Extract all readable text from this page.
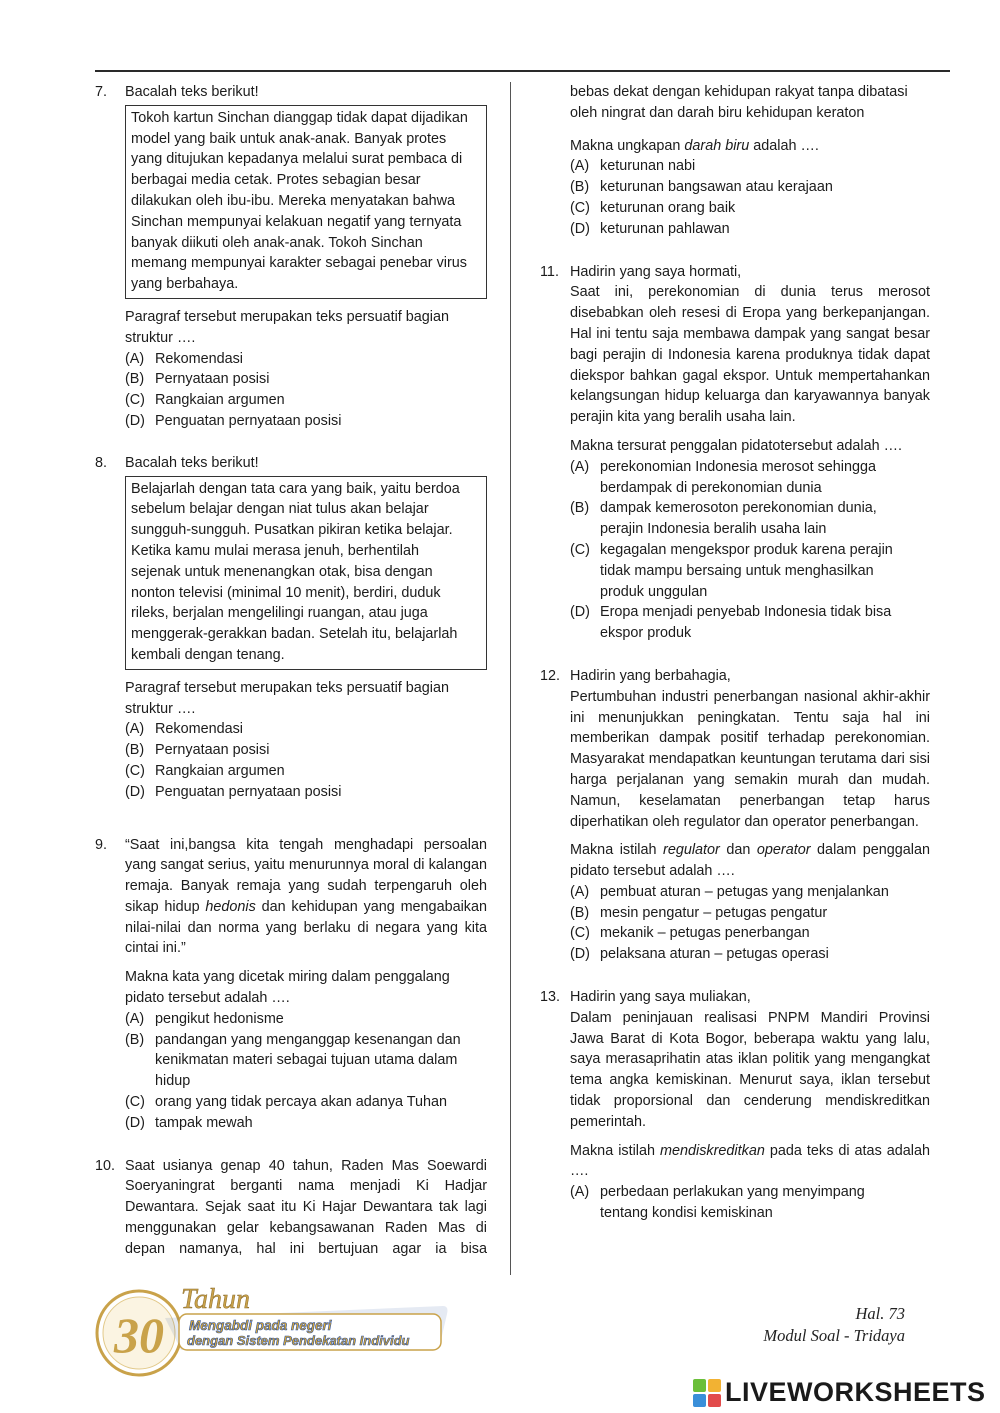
7. Bacalah teks berikut!

Tokoh kartun Sinchan dianggap tidak dapat dijadikan
model yang baik untuk anak-anak. Banyak protes
yang ditujukan kepadanya melalui surat pembaca di
berbagai media cetak. Protes sebagian besar
dilakukan oleh ibu-ibu. Mereka menyatakan bahwa
Sinchan mempunyai kelakuan negatif yang ternyata
banyak diikuti oleh anak-anak. Tokoh Sinchan
memang mempunyai karakter sebagai penebar virus
yang berbahaya.
Paragraf tersebut merupakan teks persuatif bagian
struktur ….
(A) Rekomendasi
(B) Pernyataan posisi
(C) Rangkaian argumen
(D) Penguatan pernyataan posisi
8. Bacalah teks berikut!

Belajarlah dengan tata cara yang baik, yaitu berdoa
sebelum belajar dengan niat tulus akan belajar
sungguh-sungguh. Pusatkan pikiran ketika belajar.
Ketika kamu mulai merasa jenuh, berhentilah
sejenak untuk menenangkan otak, bisa dengan
nonton televisi (minimal 10 menit), berdiri, duduk
rileks, berjalan mengelilingi ruangan, atau juga
menggerak-gerakkan badan. Setelah itu, belajarlah
kembali dengan tenang.
Paragraf tersebut merupakan teks persuatif bagian
struktur ….
(A) Rekomendasi
(B) Pernyataan posisi
(C) Rangkaian argumen
(D) Penguatan pernyataan posisi
9. “Saat ini,bangsa kita tengah menghadapi persoalan yang sangat serius, yaitu menurunnya moral di kalangan remaja. Banyak remaja yang sudah terpengaruh oleh sikap hidup hedonis dan kehidupan yang mengabaikan nilai-nilai dan norma yang berlaku di negara yang kita cintai ini.”

Makna kata yang dicetak miring dalam penggalang
pidato tersebut adalah ….
(A) pengikut hedonisme
(B) pandangan yang menganggap kesenangan dan
kenikmatan materi sebagai tujuan utama dalam
hidup
(C) orang yang tidak percaya akan adanya Tuhan
(D) tampak mewah
10. Saat usianya genap 40 tahun, Raden Mas Soewardi Soeryaningrat berganti nama menjadi Ki Hadjar Dewantara. Sejak saat itu Ki Hajar Dewantara tak lagi menggunakan gelar kebangsawanan Raden Mas di depan namanya, hal ini bertujuan agar ia bisa

bebas dekat dengan kehidupan rakyat tanpa dibatasi
oleh ningrat dan darah biru kehidupan keraton
Makna ungkapan darah biru adalah ….
(A) keturunan nabi
(B) keturunan bangsawan atau kerajaan
(C) keturunan orang baik
(D) keturunan pahlawan
11. Hadirin yang saya hormati,

Saat ini, perekonomian di dunia terus merosot disebabkan oleh resesi di Eropa yang berkepanjangan. Hal ini tentu saja membawa dampak yang sangat besar bagi perajin di Indonesia karena produknya tidak dapat diekspor bahkan gagal ekspor. Untuk mempertahankan kelangsungan hidup keluarga dan karyawannya banyak perajin kita yang beralih usaha lain.

Makna tersurat penggalan pidatotersebut adalah ….
(A) perekonomian Indonesia merosot sehingga
berdampak di perekonomian dunia
(B) dampak kemerosoton perekonomian dunia,
perajin Indonesia beralih usaha lain
(C) kegagalan mengekspor produk karena perajin
tidak mampu bersaing untuk menghasilkan
produk unggulan
(D) Eropa menjadi penyebab Indonesia tidak bisa
ekspor produk
12. Hadirin yang berbahagia,

Pertumbuhan industri penerbangan nasional akhir-akhir ini menunjukkan peningkatan. Tentu saja hal ini memberikan dampak positif terhadap perekonomian. Masyarakat mendapatkan keuntungan terutama dari sisi harga perjalanan yang semakin murah dan mudah. Namun, keselamatan penerbangan tetap harus diperhatikan oleh regulator dan operator penerbangan.

Makna istilah regulator dan operator dalam penggalan pidato tersebut adalah ….

(A) pembuat aturan – petugas yang menjalankan
(B) mesin pengatur – petugas pengatur
(C) mekanik – petugas penerbangan
(D) pelaksana aturan – petugas operasi
13. Hadirin yang saya muliakan,

Dalam peninjauan realisasi PNPM Mandiri Provinsi Jawa Barat di Kota Bogor, beberapa waktu yang lalu, saya merasaprihatin atas iklan politik yang mengangkat tema angka kemiskinan. Menurut saya, iklan tersebut tidak proporsional dan cenderung mendiskreditkan pemerintah.

Makna istilah mendiskreditkan pada teks di atas adalah ….

(A) perbedaan perlakukan yang menyimpang
tentang kondisi kemiskinan
30
Tahun
Mengabdi pada negeri
dengan Sistem Pendekatan Individu
Hal. 73
Modul Soal - Tridaya
LIVEWORKSHEETS
